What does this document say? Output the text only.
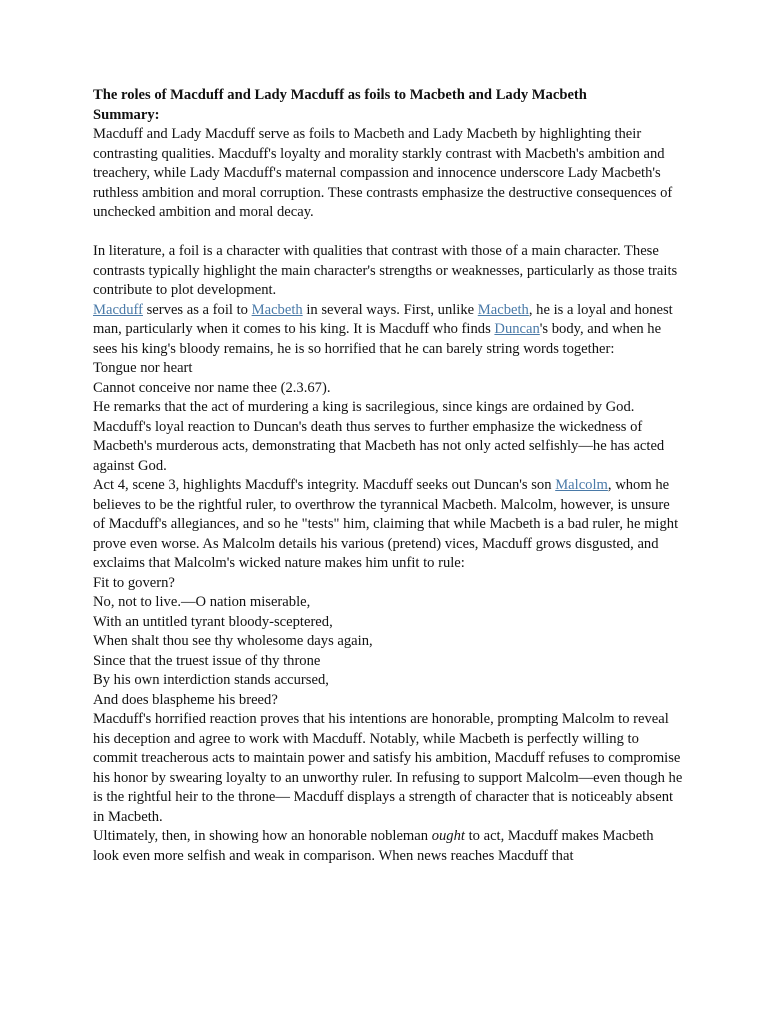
The roles of Macduff and Lady Macduff as foils to Macbeth and Lady Macbeth

Summary:

Macduff and Lady Macduff serve as foils to Macbeth and Lady Macbeth by highlighting their contrasting qualities. Macduff's loyalty and morality starkly contrast with Macbeth's ambition and treachery, while Lady Macduff's maternal compassion and innocence underscore Lady Macbeth's ruthless ambition and moral corruption. These contrasts emphasize the destructive consequences of unchecked ambition and moral decay.

In literature, a foil is a character with qualities that contrast with those of a main character. These contrasts typically highlight the main character's strengths or weaknesses, particularly as those traits contribute to plot development.

Macduff serves as a foil to Macbeth in several ways. First, unlike Macbeth, he is a loyal and honest man, particularly when it comes to his king. It is Macduff who finds Duncan's body, and when he sees his king's bloody remains, he is so horrified that he can barely string words together:

Tongue nor heart

Cannot conceive nor name thee (2.3.67).

He remarks that the act of murdering a king is sacrilegious, since kings are ordained by God. Macduff's loyal reaction to Duncan's death thus serves to further emphasize the wickedness of Macbeth's murderous acts, demonstrating that Macbeth has not only acted selfishly—he has acted against God.

Act 4, scene 3, highlights Macduff's integrity. Macduff seeks out Duncan's son Malcolm, whom he believes to be the rightful ruler, to overthrow the tyrannical Macbeth. Malcolm, however, is unsure of Macduff's allegiances, and so he "tests" him, claiming that while Macbeth is a bad ruler, he might prove even worse. As Malcolm details his various (pretend) vices, Macduff grows disgusted, and exclaims that Malcolm's wicked nature makes him unfit to rule:

Fit to govern?

No, not to live.—O nation miserable,

With an untitled tyrant bloody-sceptered,

When shalt thou see thy wholesome days again,

Since that the truest issue of thy throne

By his own interdiction stands accursed,

And does blaspheme his breed?

Macduff's horrified reaction proves that his intentions are honorable, prompting Malcolm to reveal his deception and agree to work with Macduff. Notably, while Macbeth is perfectly willing to commit treacherous acts to maintain power and satisfy his ambition, Macduff refuses to compromise his honor by swearing loyalty to an unworthy ruler. In refusing to support Malcolm—even though he is the rightful heir to the throne— Macduff displays a strength of character that is noticeably absent in Macbeth.

Ultimately, then, in showing how an honorable nobleman ought to act, Macduff makes Macbeth look even more selfish and weak in comparison. When news reaches Macduff that
